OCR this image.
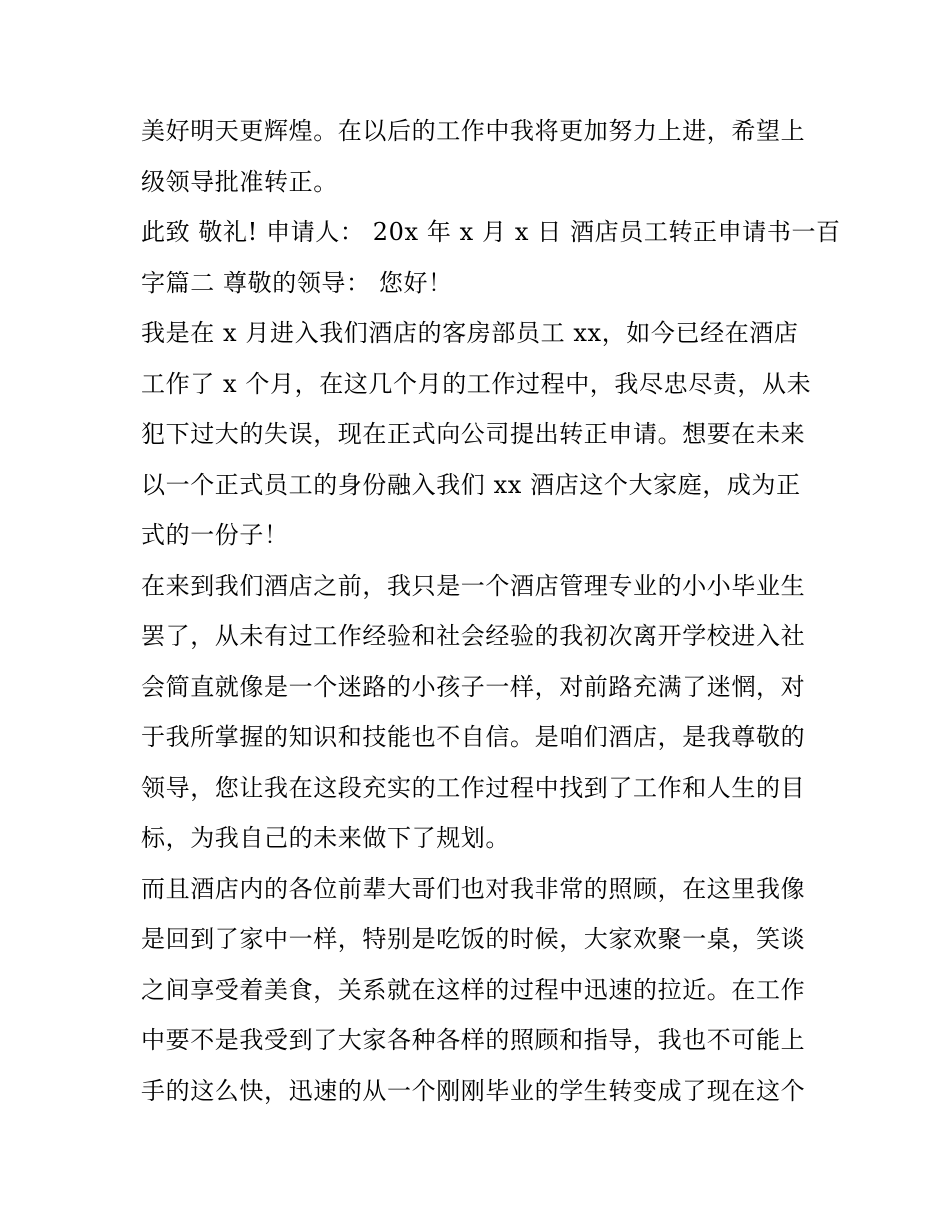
美好明天更辉煌。在以后的工作中我将更加努力上进，希望上
级领导批准转正。
此致 敬礼! 申请人： 20x 年 x 月 x 日 酒店员工转正申请书一百
字篇二 尊敬的领导： 您好！
我是在 x 月进入我们酒店的客房部员工 xx，如今已经在酒店
工作了 x 个月，在这几个月的工作过程中，我尽忠尽责，从未
犯下过大的失误，现在正式向公司提出转正申请。想要在未来
以一个正式员工的身份融入我们 xx 酒店这个大家庭，成为正
式的一份子！
在来到我们酒店之前，我只是一个酒店管理专业的小小毕业生
罢了，从未有过工作经验和社会经验的我初次离开学校进入社
会简直就像是一个迷路的小孩子一样，对前路充满了迷惘，对
于我所掌握的知识和技能也不自信。是咱们酒店，是我尊敬的
领导，您让我在这段充实的工作过程中找到了工作和人生的目
标，为我自己的未来做下了规划。
而且酒店内的各位前辈大哥们也对我非常的照顾，在这里我像
是回到了家中一样，特别是吃饭的时候，大家欢聚一桌，笑谈
之间享受着美食，关系就在这样的过程中迅速的拉近。在工作
中要不是我受到了大家各种各样的照顾和指导，我也不可能上
手的这么快，迅速的从一个刚刚毕业的学生转变成了现在这个
